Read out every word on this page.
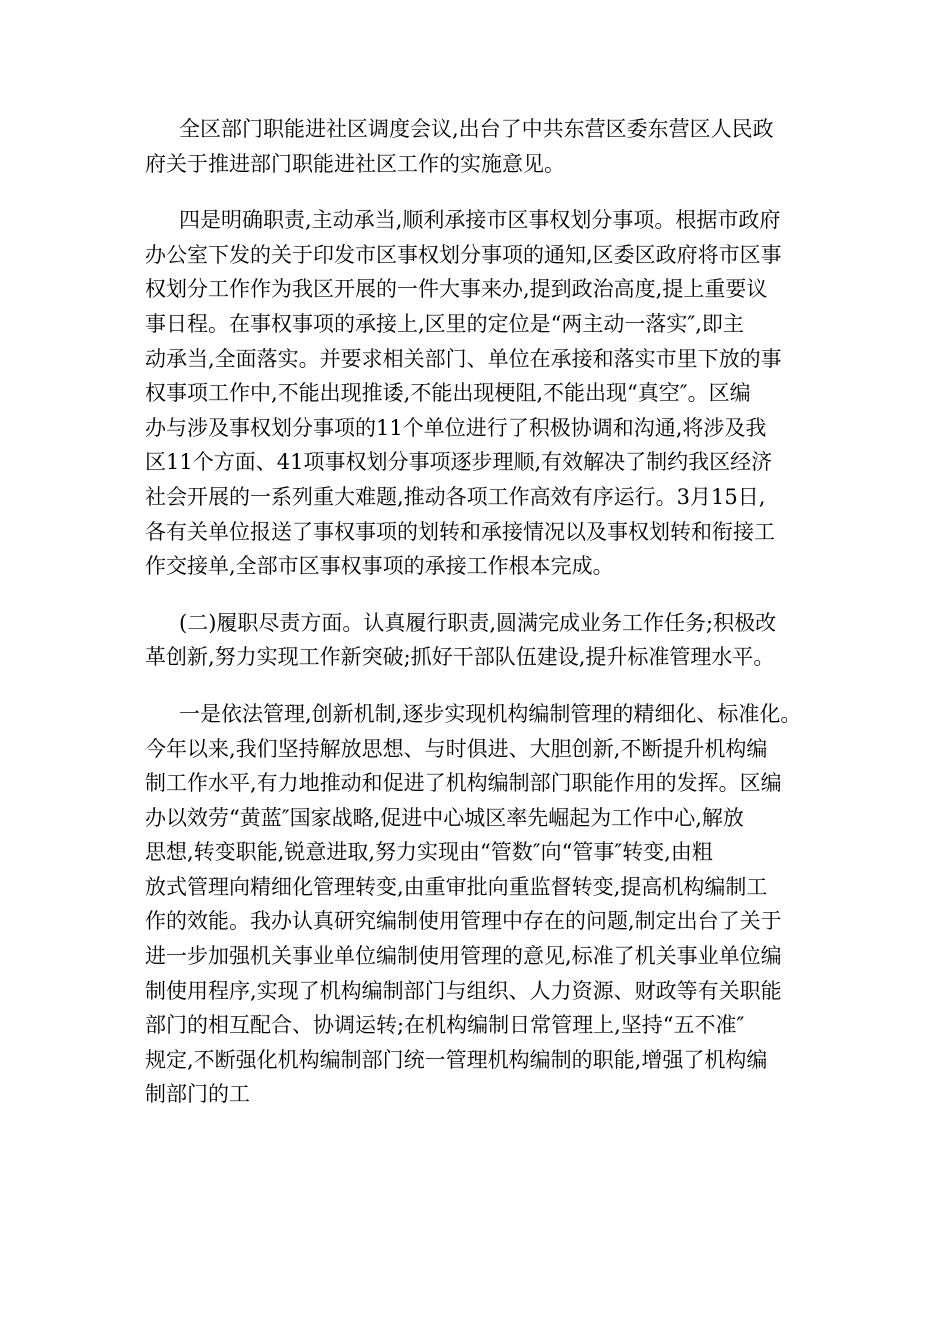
全区部门职能进社区调度会议,出台了中共东营区委东营区人民政
府关于推进部门职能进社区工作的实施意见。

四是明确职责,主动承当,顺利承接市区事权划分事项。根据市政府
办公室下发的关于印发市区事权划分事项的通知,区委区政府将市区事
权划分工作作为我区开展的一件大事来办,提到政治高度,提上重要议
事日程。在事权事项的承接上,区里的定位是“两主动一落实″,即主
动承当,全面落实。并要求相关部门、单位在承接和落实市里下放的事
权事项工作中,不能出现推诿,不能出现梗阻,不能出现“真空″。区编
办与涉及事权划分事项的11个单位进行了积极协调和沟通,将涉及我
区11个方面、41项事权划分事项逐步理顺,有效解决了制约我区经济
社会开展的一系列重大难题,推动各项工作高效有序运行。3月15日,
各有关单位报送了事权事项的划转和承接情况以及事权划转和衔接工
作交接单,全部市区事权事项的承接工作根本完成。

(二)履职尽责方面。认真履行职责,圆满完成业务工作任务;积极改
革创新,努力实现工作新突破;抓好干部队伍建设,提升标准管理水平。

一是依法管理,创新机制,逐步实现机构编制管理的精细化、标准化。
今年以来,我们坚持解放思想、与时俱进、大胆创新,不断提升机构编
制工作水平,有力地推动和促进了机构编制部门职能作用的发挥。区编
办以效劳“黄蓝″国家战略,促进中心城区率先崛起为工作中心,解放
思想,转变职能,锐意进取,努力实现由“管数″向“管事″转变,由粗
放式管理向精细化管理转变,由重审批向重监督转变,提高机构编制工
作的效能。我办认真研究编制使用管理中存在的问题,制定出台了关于
进一步加强机关事业单位编制使用管理的意见,标准了机关事业单位编
制使用程序,实现了机构编制部门与组织、人力资源、财政等有关职能
部门的相互配合、协调运转;在机构编制日常管理上,坚持“五不准″
规定,不断强化机构编制部门统一管理机构编制的职能,增强了机构编
制部门的工
